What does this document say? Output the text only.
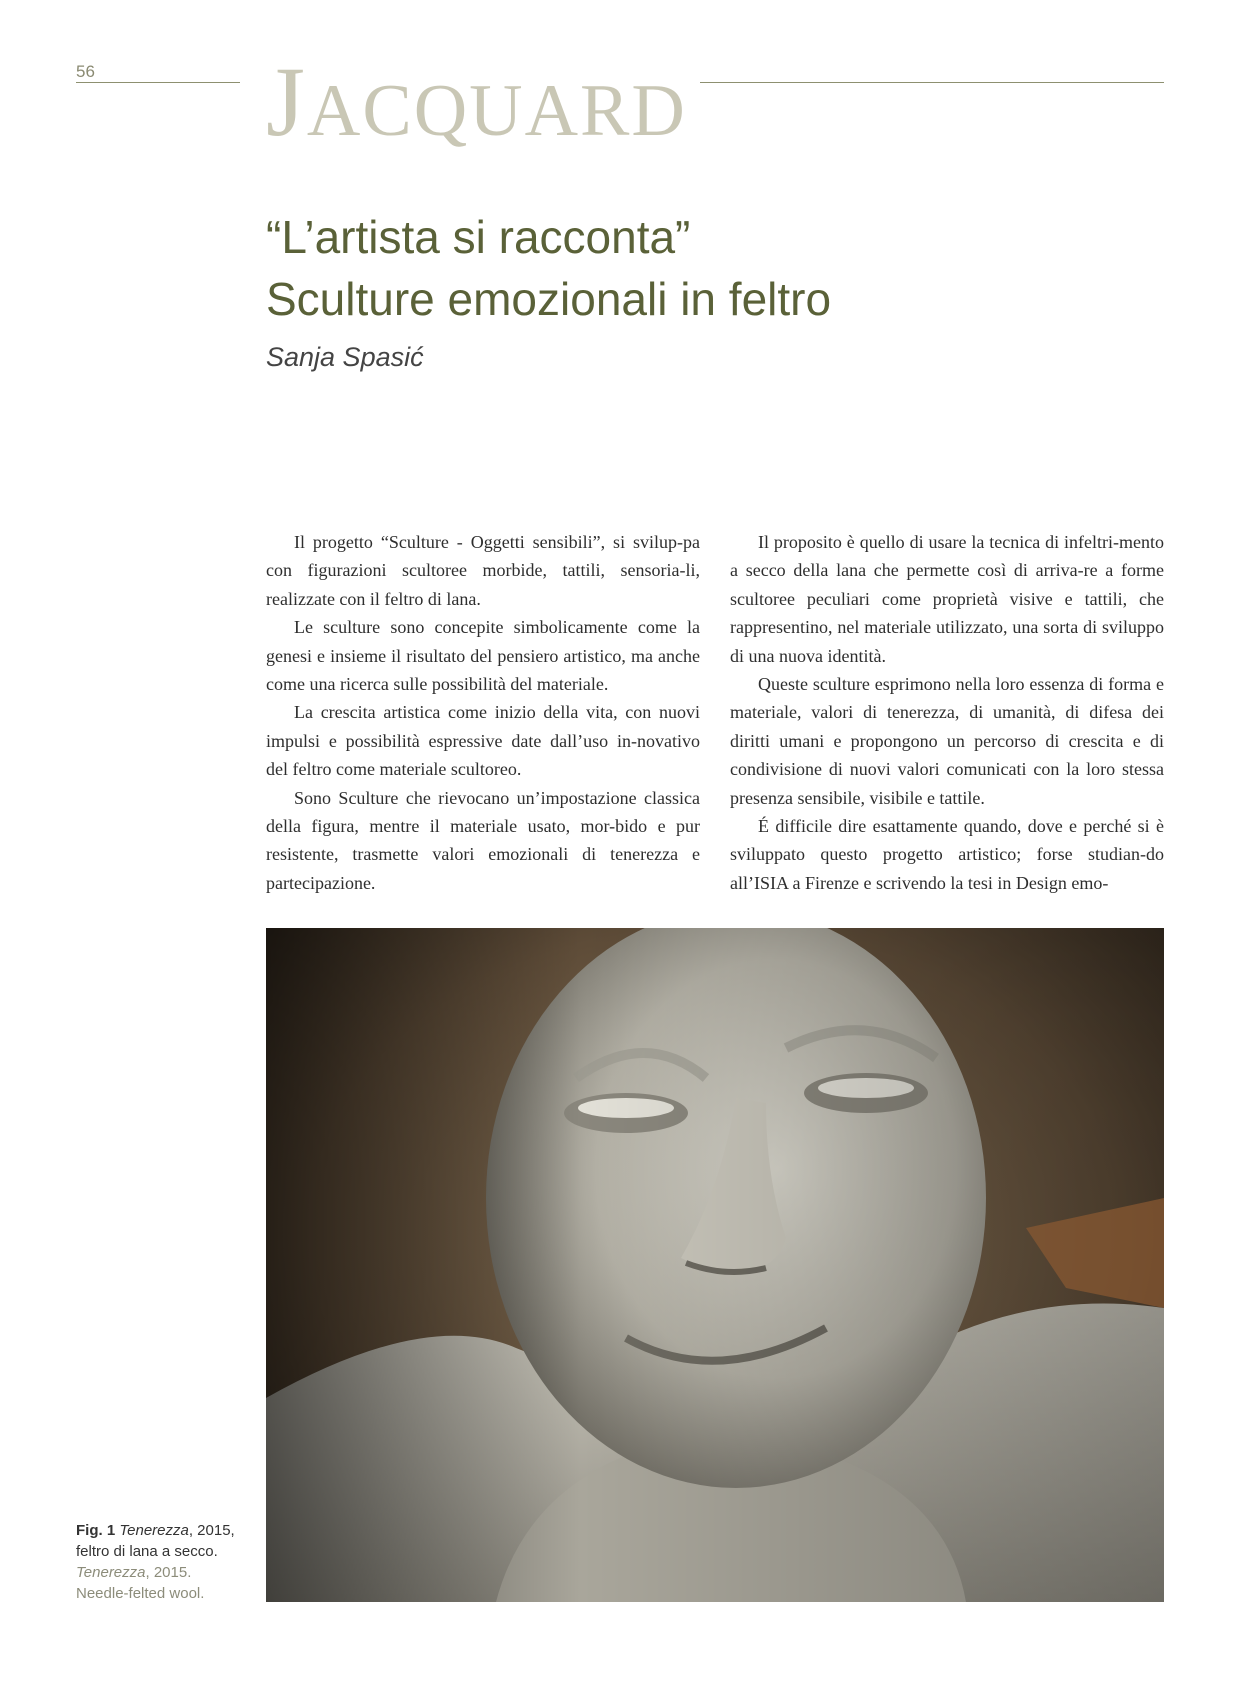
56 JACQUARD
“L’artista si racconta”
Sculture emozionali in feltro
Sanja Spasić

Il progetto “Sculture - Oggetti sensibili”, si svilup-pa con figurazioni scultoree morbide, tattili, sensoria-li, realizzate con il feltro di lana.

Le sculture sono concepite simbolicamente come la genesi e insieme il risultato del pensiero artistico, ma anche come una ricerca sulle possibilità del materiale.

La crescita artistica come inizio della vita, con nuovi impulsi e possibilità espressive date dall’uso in-novativo del feltro come materiale scultoreo.

Sono Sculture che rievocano un’impostazione classica della figura, mentre il materiale usato, mor-bido e pur resistente, trasmette valori emozionali di tenerezza e partecipazione.

Il proposito è quello di usare la tecnica di infeltri-mento a secco della lana che permette così di arriva-re a forme scultoree peculiari come proprietà visive e tattili, che rappresentino, nel materiale utilizzato, una sorta di sviluppo di una nuova identità.

Queste sculture esprimono nella loro essenza di forma e materiale, valori di tenerezza, di umanità, di difesa dei diritti umani e propongono un percorso di crescita e di condivisione di nuovi valori comunicati con la loro stessa presenza sensibile, visibile e tattile.

É difficile dire esattamente quando, dove e perché si è sviluppato questo progetto artistico; forse studian-do all’ISIA a Firenze e scrivendo la tesi in Design emo-

Fig. 1 Tenerezza, 2015,
feltro di lana a secco.
Tenerezza, 2015.
Needle-felted wool.
